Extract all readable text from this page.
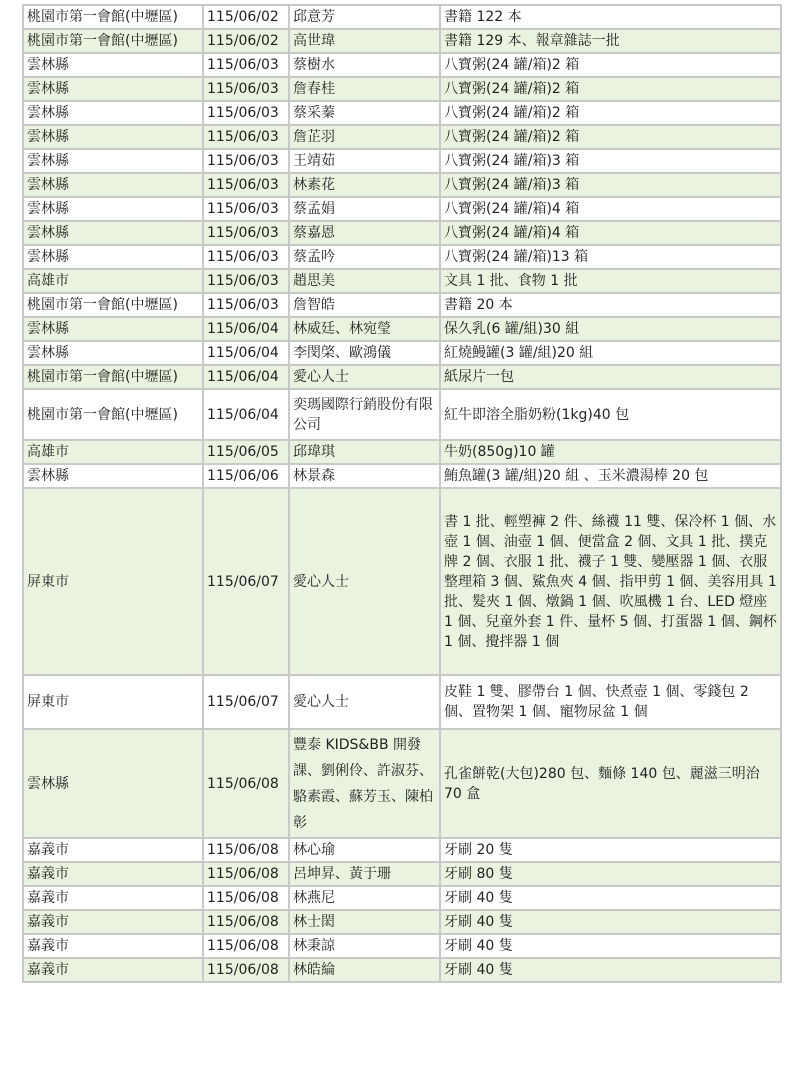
桃園市第一會館(中壢區)	115/06/02	邱意芳	書籍 122 本
桃園市第一會館(中壢區)	115/06/02	高世瑋	書籍 129 本、報章雜誌一批
雲林縣	115/06/03	蔡樹水	八寶粥(24 罐/箱)2 箱
雲林縣	115/06/03	詹春桂	八寶粥(24 罐/箱)2 箱
雲林縣	115/06/03	蔡采蓁	八寶粥(24 罐/箱)2 箱
雲林縣	115/06/03	詹芷羽	八寶粥(24 罐/箱)2 箱
雲林縣	115/06/03	王靖茹	八寶粥(24 罐/箱)3 箱
雲林縣	115/06/03	林素花	八寶粥(24 罐/箱)3 箱
雲林縣	115/06/03	蔡孟娟	八寶粥(24 罐/箱)4 箱
雲林縣	115/06/03	蔡嘉恩	八寶粥(24 罐/箱)4 箱
雲林縣	115/06/03	蔡孟吟	八寶粥(24 罐/箱)13 箱
高雄市	115/06/03	趙思美	文具 1 批、食物 1 批
桃園市第一會館(中壢區)	115/06/03	詹智皓	書籍 20 本
雲林縣	115/06/04	林威廷、林宛瑩	保久乳(6 罐/組)30 組
雲林縣	115/06/04	李閔棨、歐鴻儀	紅燒鰻罐(3 罐/組)20 組
桃園市第一會館(中壢區)	115/06/04	愛心人士	紙尿片一包
桃園市第一會館(中壢區)	115/06/04	奕瑪國際行銷股份有限公司	紅牛即溶全脂奶粉(1kg)40 包
高雄市	115/06/05	邱瑋琪	牛奶(850g)10 罐
雲林縣	115/06/06	林景森	鮪魚罐(3 罐/組)20 組 、玉米濃湯棒 20 包
屏東市	115/06/07	愛心人士	書 1 批、輕塑褲 2 件、絲襪 11 雙、保冷杯 1 個、水壺 1 個、油壺 1 個、便當盒 2 個、文具 1 批、撲克牌 2 個、衣服 1 批、襪子 1 雙、變壓器 1 個、衣服整理箱 3 個、鯊魚夾 4 個、指甲剪 1 個、美容用具 1 批、髮夾 1 個、燉鍋 1 個、吹風機 1 台、LED 燈座 1 個、兒童外套 1 件、量杯 5 個、打蛋器 1 個、鋼杯 1 個、攪拌器 1 個
屏東市	115/06/07	愛心人士	皮鞋 1 雙、膠帶台 1 個、快煮壺 1 個、零錢包 2 個、置物架 1 個、寵物尿盆 1 個
雲林縣	115/06/08	豐泰 KIDS&BB 開發課、劉俐伶、許淑芬、駱素霞、蘇芳玉、陳柏彰	孔雀餅乾(大包)280 包、麵條 140 包、麗滋三明治 70 盒
嘉義市	115/06/08	林心瑜	牙刷 20 隻
嘉義市	115/06/08	呂坤昇、黃于珊	牙刷 80 隻
嘉義市	115/06/08	林燕尼	牙刷 40 隻
嘉義市	115/06/08	林士閎	牙刷 40 隻
嘉義市	115/06/08	林秉諒	牙刷 40 隻
嘉義市	115/06/08	林皓綸	牙刷 40 隻
